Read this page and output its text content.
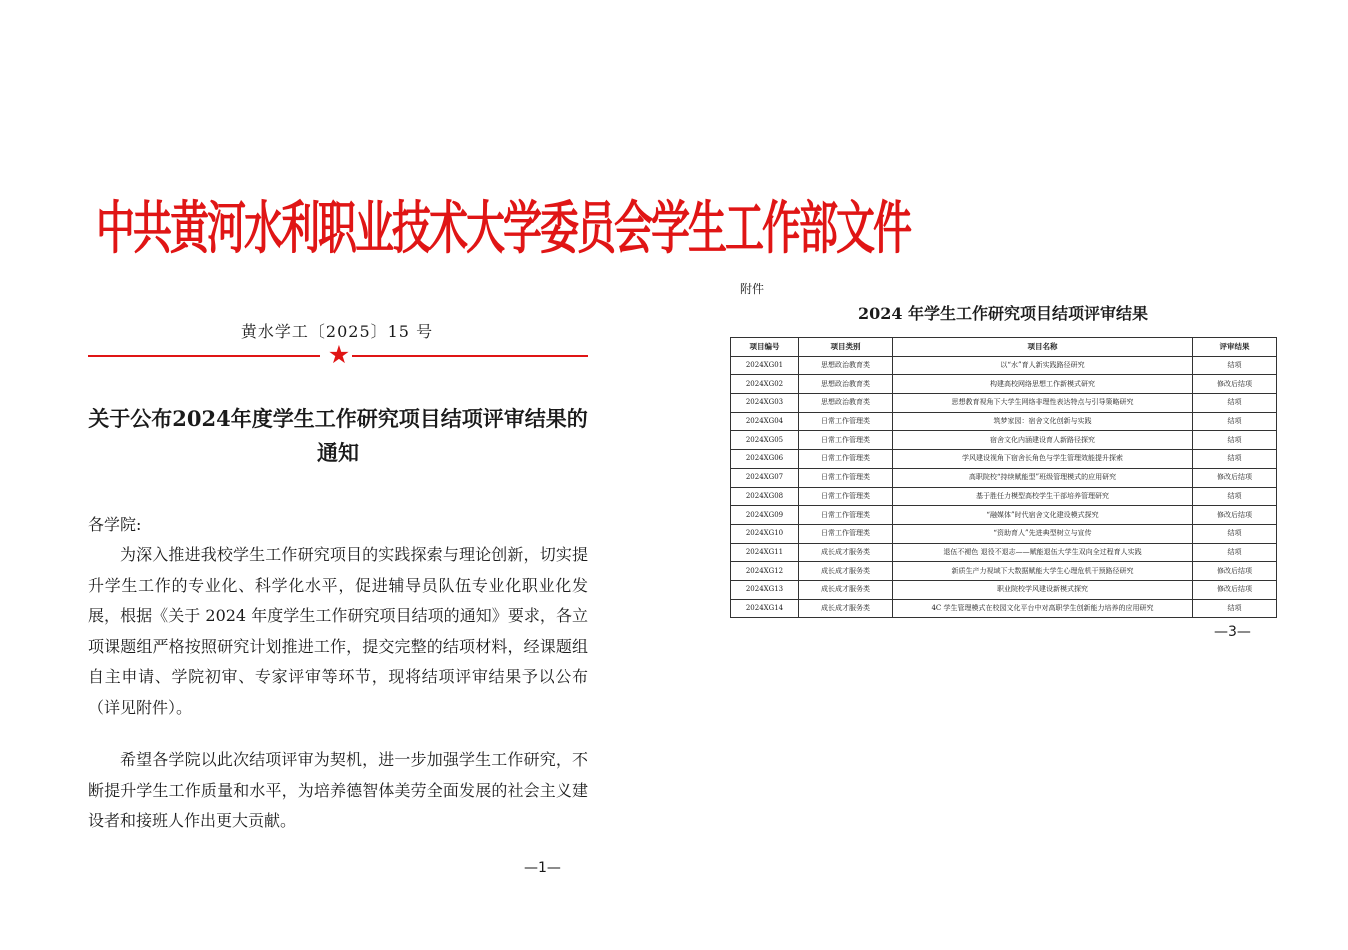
中共黄河水利职业技术大学委员会学生工作部文件
黄水学工〔2025〕15 号
★
关于公布2024年度学生工作研究项目结项评审结果的通知
各学院:
为深入推进我校学生工作研究项目的实践探索与理论创新，切实提升学生工作的专业化、科学化水平，促进辅导员队伍专业化职业化发展，根据《关于 2024 年度学生工作研究项目结项的通知》要求，各立项课题组严格按照研究计划推进工作，提交完整的结项材料，经课题组自主申请、学院初审、专家评审等环节，现将结项评审结果予以公布（详见附件）。
希望各学院以此次结项评审为契机，进一步加强学生工作研究，不断提升学生工作质量和水平，为培养德智体美劳全面发展的社会主义建设者和接班人作出更大贡献。
—1—
附件
2024 年学生工作研究项目结项评审结果
项目编号	项目类别	项目名称	评审结果
2024XG01	思想政治教育类	以“水”育人新实践路径研究	结项
2024XG02	思想政治教育类	构建高校网络思想工作新模式研究	修改后结项
2024XG03	思想政治教育类	思想教育视角下大学生网络非理性表达特点与引导策略研究	结项
2024XG04	日常工作管理类	筑梦家园：宿舍文化创新与实践	结项
2024XG05	日常工作管理类	宿舍文化内涵建设育人新路径探究	结项
2024XG06	日常工作管理类	学风建设视角下宿舍长角色与学生管理效能提升探索	结项
2024XG07	日常工作管理类	高职院校“持续赋能型”班级管理模式的应用研究	修改后结项
2024XG08	日常工作管理类	基于胜任力模型高校学生干部培养管理研究	结项
2024XG09	日常工作管理类	“融媒体”时代宿舍文化建设模式探究	修改后结项
2024XG10	日常工作管理类	“资助育人”先进典型树立与宣传	结项
2024XG11	成长成才服务类	退伍不褪色 退役不退志——赋能退伍大学生双向全过程育人实践	结项
2024XG12	成长成才服务类	新质生产力视域下大数据赋能大学生心理危机干预路径研究	修改后结项
2024XG13	成长成才服务类	职业院校学风建设新模式探究	修改后结项
2024XG14	成长成才服务类	4C 学生管理模式在校园文化平台中对高职学生创新能力培养的应用研究	结项
—3—
